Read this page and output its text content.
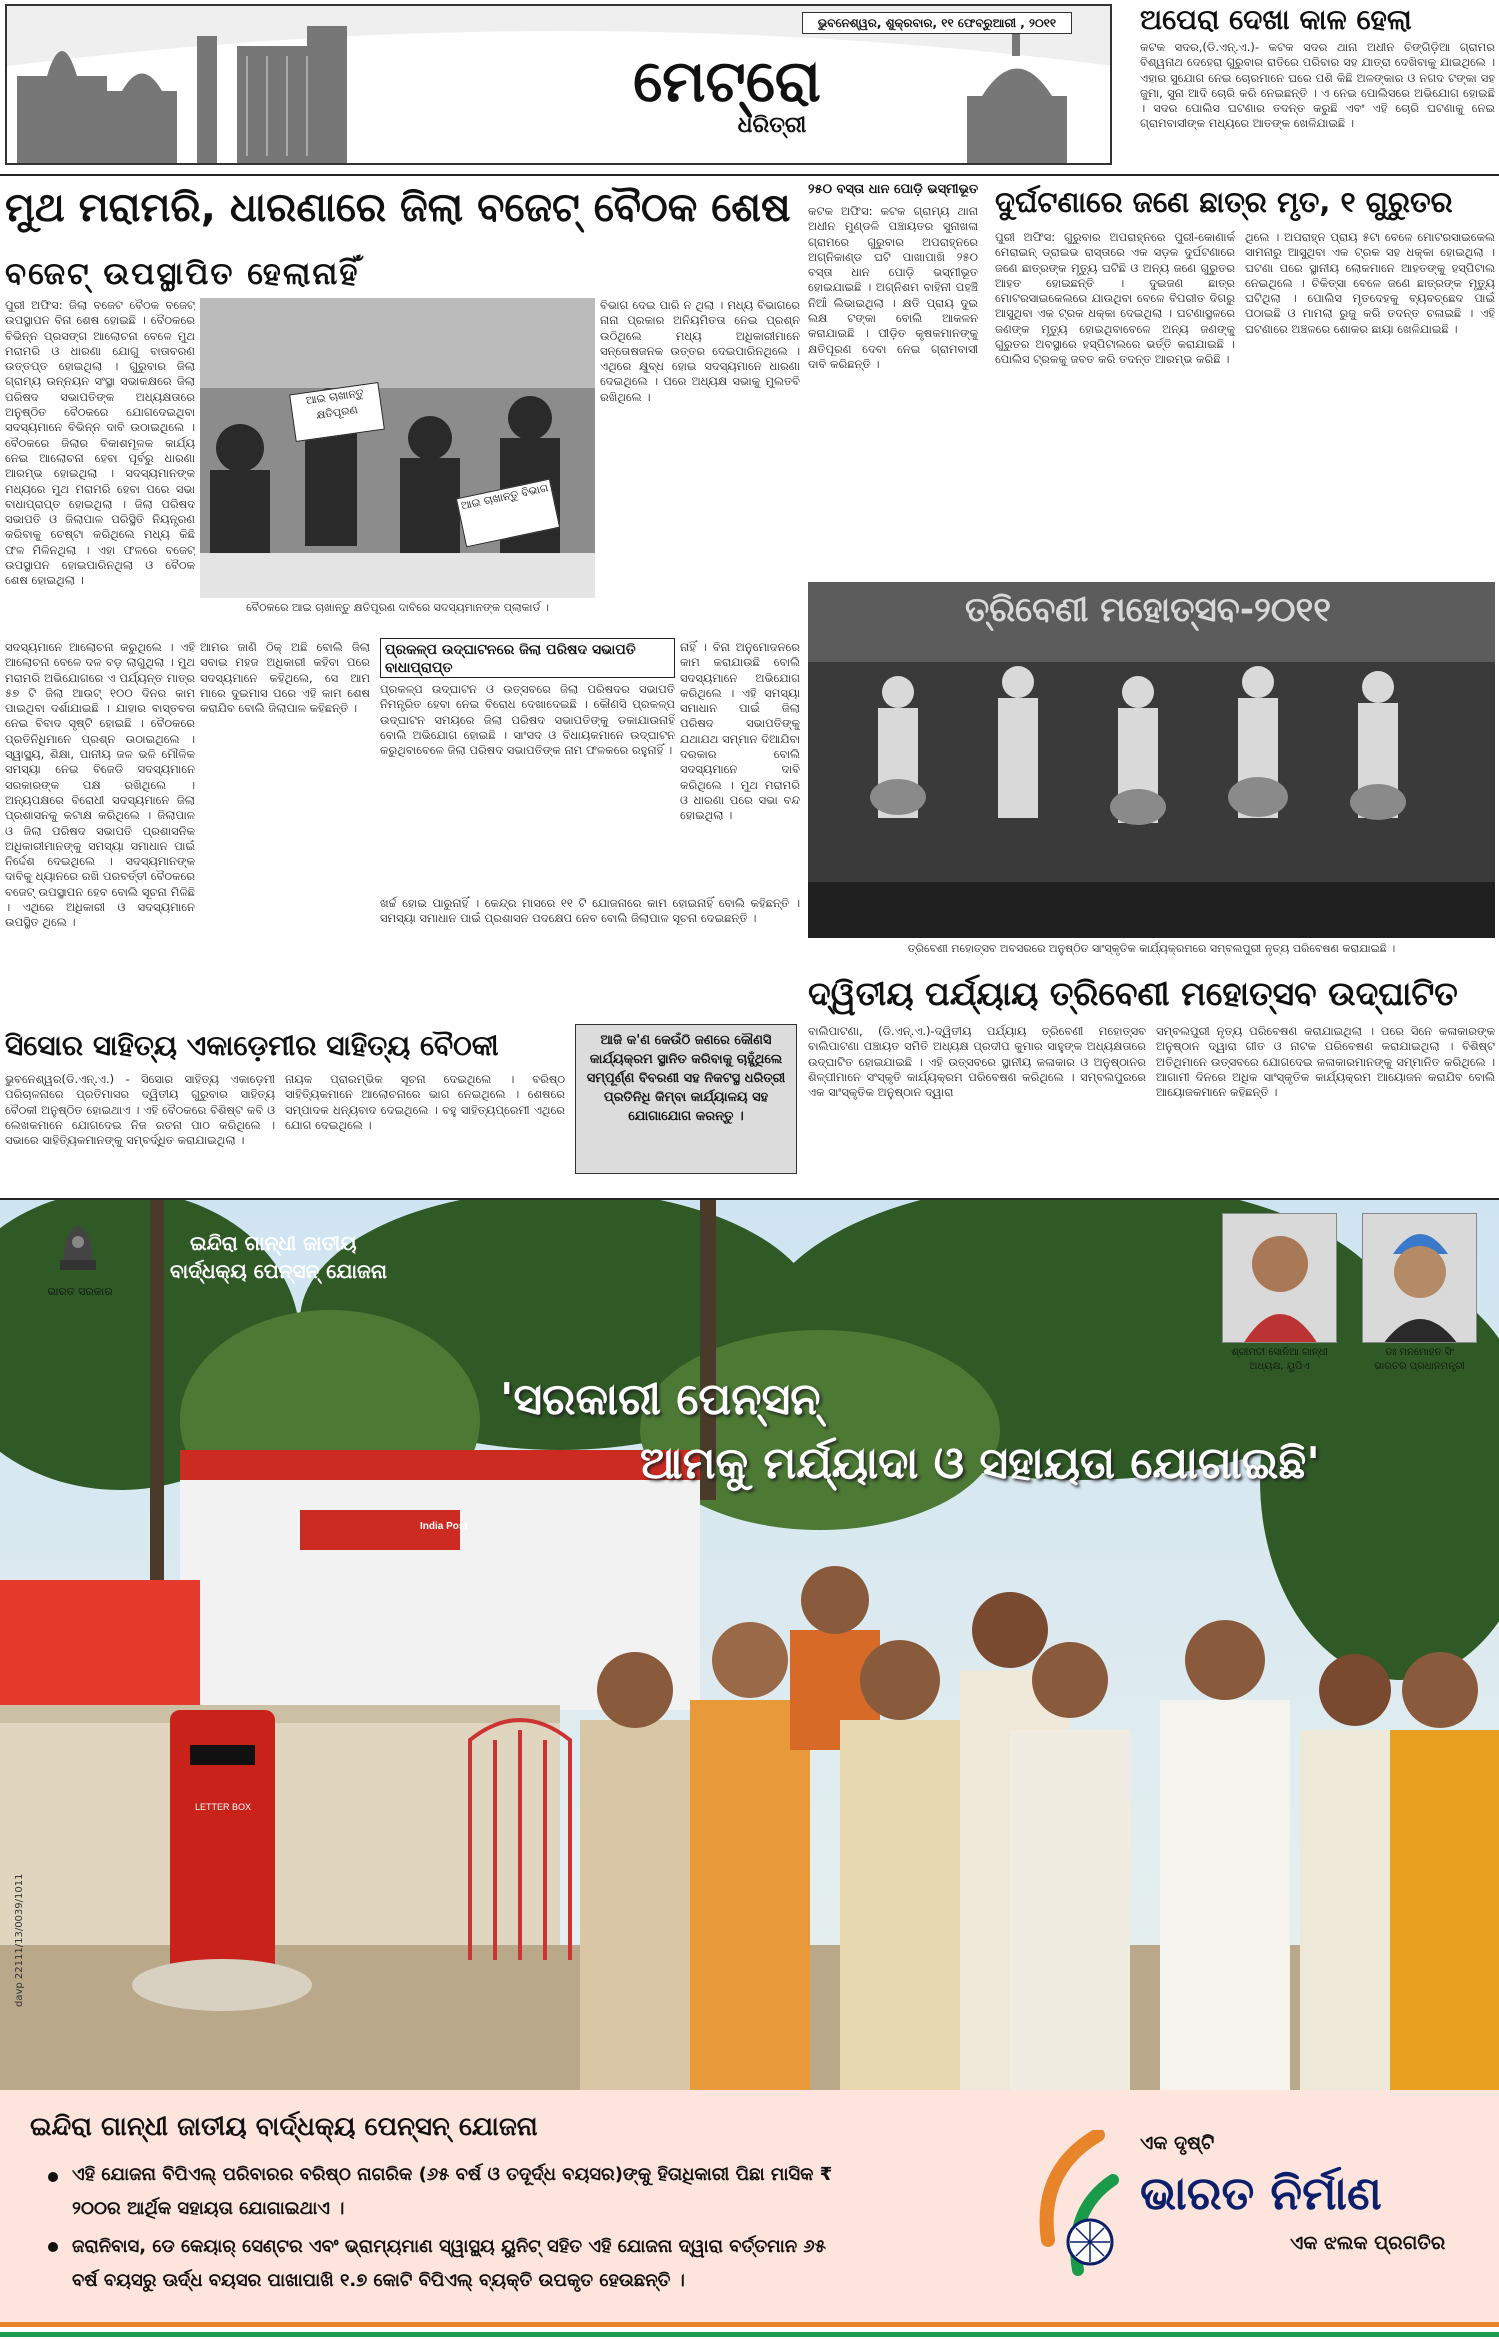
ଭୁବନେଶ୍ୱର, ଶୁକ୍ରବାର, ୧୧ ଫେବ୍ରୁଆରୀ , ୨୦୧୧
ମେଟ୍ରୋ
ଧରିତ୍ରୀ
ଅପେରା ଦେଖା କାଳ ହେଲା
କଟକ ସଦର,(ଡି.ଏନ୍.ଏ.)- କଟକ ସଦର ଥାନା ଅଧୀନ ଚିଙ୍ଗିଡ଼ିଆ ଗ୍ରାମର ବିଶ୍ୱନାଥ ଦେହେରା ଗୁରୁବାର ରାତିରେ ପରିବାର ସହ ଯାତ୍ରା ଦେଖିବାକୁ ଯାଇଥିଲେ । ଏହାର ସୁଯୋଗ ନେଇ ଚୋରମାନେ ଘରେ ପଶି କିଛି ଅଳଙ୍କାର ଓ ନଗଦ ଟଙ୍କା ସହ ଜୁମା, ସୁନା ଆଦି ଚୋରି କରି ନେଇଛନ୍ତି । ଏ ନେଇ ପୋଲିସରେ ଅଭିଯୋଗ ହୋଇଛି । ସଦର ପୋଲିସ ଘଟଣାର ତଦନ୍ତ କରୁଛି ଏବଂ ଏହି ଚୋରି ଘଟଣାକୁ ନେଇ ଗ୍ରାମବାସୀଙ୍କ ମଧ୍ୟରେ ଆତଙ୍କ ଖେଳିଯାଇଛି ।
ମୁଥ ମରାମରି, ଧାରଣାରେ ଜିଲା ବଜେଟ୍ ବୈଠକ ଶେଷ
ବଜେଟ୍ ଉପସ୍ଥାପିତ ହେଲାନାହିଁ
ପୁରୀ ଅଫିସ: ଜିଲା ବଜେଟ ବୈଠକ ବଜେଟ୍ ଉପସ୍ଥାପନ ବିନା ଶେଷ ହୋଇଛି । ବୈଠକରେ ବିଭିନ୍ନ ପ୍ରସଙ୍ଗ ଆଲୋଚନା ବେଳେ ମୁଥ ମରାମରି ଓ ଧାରଣା ଯୋଗୁ ବାତାବରଣ ଉତ୍ତପ୍ତ ହୋଇଥିଲା । ଗୁରୁବାର ଜିଲା ଗ୍ରାମ୍ୟ ଉନ୍ନୟନ ସଂସ୍ଥା ସଭାକକ୍ଷରେ ଜିଲା ପରିଷଦ ସଭାପତିଙ୍କ ଅଧ୍ୟକ୍ଷତାରେ ଅନୁଷ୍ଠିତ ବୈଠକରେ ଯୋଗଦେଇଥିବା ସଦସ୍ୟମାନେ ବିଭିନ୍ନ ଦାବି ଉଠାଇଥିଲେ । ବୈଠକରେ ଜିଲାର ବିକାଶମୂଳକ କାର୍ଯ୍ୟ ନେଇ ଆଲୋଚନା ହେବା ପୂର୍ବରୁ ଧାରଣା ଆରମ୍ଭ ହୋଇଥିଲା । ସଦସ୍ୟମାନଙ୍କ ମଧ୍ୟରେ ମୁଥ ମରାମରି ହେବା ପରେ ସଭା ବାଧାପ୍ରାପ୍ତ ହୋଇଥିଲା । ଜିଲା ପରିଷଦ ସଭାପତି ଓ ଜିଲାପାଳ ପରିସ୍ଥିତି ନିୟନ୍ତ୍ରଣ କରିବାକୁ ଚେଷ୍ଟା କରିଥିଲେ ମଧ୍ୟ କିଛି ଫଳ ମିଳିନଥିଲା । ଏହା ଫଳରେ ବଜେଟ୍ ଉପସ୍ଥାପନ ହୋଇପାରିନଥିଲା ଓ ବୈଠକ ଶେଷ ହୋଇଥିଲା ।
ଆଇ ଚାଖାନ୍ତୁ କ୍ଷତିପୂରଣ
ଆଇ ଚାଖାନ୍ତୁ ବିଭାଗ
ବୈଠକରେ ଆଇ ଚାଖାନ୍ତୁ କ୍ଷତିପୂରଣ ଦାବିରେ ସଦସ୍ୟମାନଙ୍କ ପ୍ଲାକାର୍ଡ ।
ବିଭାଗ ଦେଇ ପାରି ନ ଥିଲା । ମଧ୍ୟ ବିଭାଗରେ ନାନା ପ୍ରକାର ଅନିୟମିତତା ନେଇ ପ୍ରଶ୍ନ ଉଠିଥିଲେ ମଧ୍ୟ ଅଧିକାରୀମାନେ ସନ୍ତୋଷଜନକ ଉତ୍ତର ଦେଇପାରିନଥିଲେ । ଏଥିରେ କ୍ଷୁବ୍ଧ ହୋଇ ସଦସ୍ୟମାନେ ଧାରଣା ଦେଇଥିଲେ । ପରେ ଅଧ୍ୟକ୍ଷ ସଭାକୁ ମୁଲତବି ରଖିଥିଲେ ।
ସଦସ୍ୟମାନେ ଆଲୋଚନା କରୁଥିଲେ । ଏହି ଆଲୋଚନା ବେଳେ ଦଳ ବଡ଼ ଲାଗୁଥିଲା । ମୁଥ ମରାମରି ଅଭିଯୋଗରେ ଏ ପର୍ଯ୍ୟନ୍ତ ମାତ୍ର ୫୭ ଟି ଜିଲା ଆଉଟ୍ ୧୦୦ ଦିନର କାମ ପାଇଥିବା ଦର୍ଶାଯାଇଛି । ଯାହାର ବାସ୍ତବତା ନେଇ ବିବାଦ ସୃଷ୍ଟି ହୋଇଛି । ବୈଠକରେ ପ୍ରତିନିଧିମାନେ ପ୍ରଶ୍ନ ଉଠାଇଥିଲେ । ସ୍ୱାସ୍ଥ୍ୟ, ଶିକ୍ଷା, ପାନୀୟ ଜଳ ଭଳି ମୌଳିକ ସମସ୍ୟା ନେଇ ବିଜେଡି ସଦସ୍ୟମାନେ ସରକାରଙ୍କ ପକ୍ଷ ରଖିଥିଲେ । ଅନ୍ୟପକ୍ଷରେ ବିରୋଧୀ ସଦସ୍ୟମାନେ ଜିଲା ପ୍ରଶାସନକୁ କଟାକ୍ଷ କରିଥିଲେ । ଜିଲାପାଳ ଓ ଜିଲା ପରିଷଦ ସଭାପତି ପ୍ରଶାସନିକ ଅଧିକାରୀମାନଙ୍କୁ ସମସ୍ୟା ସମାଧାନ ପାଇଁ ନିର୍ଦ୍ଦେଶ ଦେଇଥିଲେ । ସଦସ୍ୟମାନଙ୍କ ଦାବିକୁ ଧ୍ୟାନରେ ରଖି ପରବର୍ତ୍ତୀ ବୈଠକରେ ବଜେଟ୍ ଉପସ୍ଥାପନ ହେବ ବୋଲି ସୂଚନା ମିଳିଛି । ଏଥିରେ ଅଧିକାରୀ ଓ ସଦସ୍ୟମାନେ ଉପସ୍ଥିତ ଥିଲେ ।
ଆମର ଜାଣି ଠିକ୍ ଅଛି ବୋଲି ଜିଲା ସବାଇ ମହଜ ଅଧିକାରୀ କହିବା ପରେ ସଦସ୍ୟମାନେ କହିଥିଲେ, ସେ ଆମ ମାରେ ଦୁଇମାସ ପରେ ଏହି କାମ ଶେଷ କରାଯିବ ବୋଲି ଜିଲାପାଳ କହିଛନ୍ତି ।
ପ୍ରକଳ୍ପ ଉଦ୍‌ଘାଟନରେ ଜିଲା ପରିଷଦ ସଭାପତି ବାଧାପ୍ରାପ୍ତ
ପ୍ରକଳ୍ପ ଉଦ୍‌ଘାଟନ ଓ ଉତ୍ସବରେ ଜିଲା ପରିଷଦର ସଭାପତି ନିମନ୍ତ୍ରିତ ହେବା ନେଇ ବିରୋଧ ଦେଖାଦେଇଛି । କୌଣସି ପ୍ରକଳ୍ପ ଉଦ୍‌ଘାଟନ ସମୟରେ ଜିଲା ପରିଷଦ ସଭାପତିଙ୍କୁ ଡକାଯାଉନାହିଁ ବୋଲି ଅଭିଯୋଗ ହୋଇଛି । ସାଂସଦ ଓ ବିଧାୟକମାନେ ଉଦ୍‌ଘାଟନ କରୁଥିବାବେଳେ ଜିଲା ପରିଷଦ ସଭାପତିଙ୍କ ନାମ ଫଳକରେ ରହୁନାହିଁ ।
ନାହିଁ । ବିନା ଅନୁମୋଦନରେ କାମ କରାଯାଉଛି ବୋଲି ସଦସ୍ୟମାନେ ଅଭିଯୋଗ କରିଥିଲେ । ଏହି ସମସ୍ୟା ସମାଧାନ ପାଇଁ ଜିଲା ପରିଷଦ ସଭାପତିଙ୍କୁ ଯଥାଯଥ ସମ୍ମାନ ଦିଆଯିବା ଦରକାର ବୋଲି ସଦସ୍ୟମାନେ ଦାବି କରିଥିଲେ । ମୁଥ ମରାମରି ଓ ଧାରଣା ପରେ ସଭା ବନ୍ଦ ହୋଇଥିଲା ।
ଖର୍ଚ୍ଚ ହୋଇ ପାରୁନାହିଁ । କେନ୍ଦ୍ର ମାସରେ ୧୧ ଟି ଯୋଜନାରେ କାମ ହୋଇନାହିଁ ବୋଲି କହିଛନ୍ତି । ସମସ୍ୟା ସମାଧାନ ପାଇଁ ପ୍ରଶାସନ ପଦକ୍ଷେପ ନେବ ବୋଲି ଜିଲାପାଳ ସୂଚନା ଦେଇଛନ୍ତି ।
୨୫୦ ବସ୍ତା ଧାନ ପୋଡ଼ି ଭସ୍ମୀଭୂତ
କଟକ ଅଫିସ: କଟକ ଗ୍ରାମ୍ୟ ଥାନା ଅଧୀନ ମୁଣ୍ଡଳି ପଞ୍ଚାୟତର ସୁନାଖଳା ଗ୍ରାମରେ ଗୁରୁବାର ଅପରାହ୍ନରେ ଅଗ୍ନିକାଣ୍ଡ ଘଟି ପାଖାପାଖି ୨୫୦ ବସ୍ତା ଧାନ ପୋଡ଼ି ଭସ୍ମୀଭୂତ ହୋଇଯାଇଛି । ଅଗ୍ନିଶମ ବାହିନୀ ପହଞ୍ଚି ନିଆଁ ଲିଭାଇଥିଲା । କ୍ଷତି ପ୍ରାୟ ଦୁଇ ଲକ୍ଷ ଟଙ୍କା ବୋଲି ଆକଳନ କରାଯାଇଛି । ପୀଡ଼ିତ କୃଷକମାନଙ୍କୁ କ୍ଷତିପୂରଣ ଦେବା ନେଇ ଗ୍ରାମବାସୀ ଦାବି କରିଛନ୍ତି ।
ଦୁର୍ଘଟଣାରେ ଜଣେ ଛାତ୍ର ମୃତ, ୧ ଗୁରୁତର
ପୁରୀ ଅଫିସ: ଗୁରୁବାର ଅପରାହ୍ନରେ ପୁରୀ-କୋଣାର୍କ ମେରାଇନ୍ ଡ୍ରାଇଭ ରାସ୍ତାରେ ଏକ ସଡ଼କ ଦୁର୍ଘଟଣାରେ ଜଣେ ଛାତ୍ରଙ୍କ ମୃତ୍ୟୁ ଘଟିଛି ଓ ଅନ୍ୟ ଜଣେ ଗୁରୁତର ଆହତ ହୋଇଛନ୍ତି । ଦୁଇଜଣ ଛାତ୍ର ମୋଟରସାଇକେଲରେ ଯାଉଥିବା ବେଳେ ବିପରୀତ ଦିଗରୁ ଆସୁଥିବା ଏକ ଟ୍ରକ ଧକ୍କା ଦେଇଥିଲା । ଘଟଣାସ୍ଥଳରେ ଜଣଙ୍କ ମୃତ୍ୟୁ ହୋଇଥିବାବେଳେ ଅନ୍ୟ ଜଣଙ୍କୁ ଗୁରୁତର ଅବସ୍ଥାରେ ହସ୍ପିଟାଲରେ ଭର୍ତ୍ତି କରାଯାଇଛି । ପୋଲିସ ଟ୍ରକକୁ ଜବତ କରି ତଦନ୍ତ ଆରମ୍ଭ କରିଛି ।
ଥିଲେ । ଅପରାହ୍ନ ପ୍ରାୟ ୫ଟା ବେଳେ ମୋଟରସାଇକେଲ ସାମନାରୁ ଆସୁଥିବା ଏକ ଟ୍ରକ ସହ ଧକ୍କା ହୋଇଥିଲା । ଘଟଣା ପରେ ସ୍ଥାନୀୟ ଲୋକମାନେ ଆହତଙ୍କୁ ହସ୍ପିଟାଲ ନେଇଥିଲେ । ଚିକିତ୍ସା ବେଳେ ଜଣେ ଛାତ୍ରଙ୍କ ମୃତ୍ୟୁ ଘଟିଥିଲା । ପୋଲିସ ମୃତଦେହକୁ ବ୍ୟବଚ୍ଛେଦ ପାଇଁ ପଠାଇଛି ଓ ମାମଲା ରୁଜୁ କରି ତଦନ୍ତ ଚଳାଇଛି । ଏହି ଘଟଣାରେ ଅଞ୍ଚଳରେ ଶୋକର ଛାୟା ଖେଳିଯାଇଛି ।
ତ୍ରିବେଣୀ ମହୋତ୍ସବ-୨୦୧୧
ତ୍ରିବେଣୀ ମହୋତ୍ସବ ଅବସରରେ ଅନୁଷ୍ଠିତ ସାଂସ୍କୃତିକ କାର୍ଯ୍ୟକ୍ରମରେ ସମ୍ବଲପୁରୀ ନୃତ୍ୟ ପରିବେଷଣ କରାଯାଇଛି ।
ଦ୍ୱିତୀୟ ପର୍ଯ୍ୟାୟ ତ୍ରିବେଣୀ ମହୋତ୍ସବ ଉଦ୍‌ଘାଟିତ
ବାଲିପାଟଣା, (ଡି.ଏନ୍.ଏ.)-ଦ୍ୱିତୀୟ ପର୍ଯ୍ୟାୟ ତ୍ରିବେଣୀ ମହୋତ୍ସବ ବାଲିପାଟଣା ପଞ୍ଚାୟତ ସମିତି ଅଧ୍ୟକ୍ଷ ପ୍ରଦୀପ କୁମାର ସାହୁଙ୍କ ଅଧ୍ୟକ୍ଷତାରେ ଉଦ୍‌ଘାଟିତ ହୋଇଯାଇଛି । ଏହି ଉତ୍ସବରେ ସ୍ଥାନୀୟ କଳାକାର ଓ ଅନୁଷ୍ଠାନର ଶିଳ୍ପୀମାନେ ସଂସ୍କୃତି କାର୍ଯ୍ୟକ୍ରମ ପରିବେଷଣ କରିଥିଲେ । ସମ୍ବଲପୁରରେ ଏକ ସାଂସ୍କୃତିକ ଅନୁଷ୍ଠାନ ଦ୍ୱାରା
ସମ୍ବଲପୁରୀ ନୃତ୍ୟ ପରିବେଷଣ କରାଯାଇଥିଲା । ପରେ ସିନେ କଳାକାରଙ୍କ ଅନୁଷ୍ଠାନ ଦ୍ୱାରା ଗୀତ ଓ ନାଟକ ପରିବେଷଣ କରାଯାଇଥିଲା । ବିଶିଷ୍ଟ ଅତିଥିମାନେ ଉତ୍ସବରେ ଯୋଗଦେଇ କଳାକାରମାନଙ୍କୁ ସମ୍ମାନିତ କରିଥିଲେ । ଆଗାମୀ ଦିନରେ ଅଧିକ ସାଂସ୍କୃତିକ କାର୍ଯ୍ୟକ୍ରମ ଆୟୋଜନ କରାଯିବ ବୋଲି ଆୟୋଜକମାନେ କହିଛନ୍ତି ।
ସିସୋର ସାହିତ୍ୟ ଏକାଡ଼େମୀର ସାହିତ୍ୟ ବୈଠକୀ
ଭୁବନେଶ୍ୱର(ଡି.ଏନ୍.ଏ.) - ସିସୋର ସାହିତ୍ୟ ଏକାଡ଼େମୀ ପରିଚାଳନାରେ ପ୍ରତିମାସର ଦ୍ୱିତୀୟ ଗୁରୁବାର ସାହିତ୍ୟ ବୈଠକୀ ଅନୁଷ୍ଠିତ ହୋଇଥାଏ । ଏହି ବୈଠକରେ ବିଶିଷ୍ଟ କବି ଓ ଲେଖକମାନେ ଯୋଗଦେଇ ନିଜ ରଚନା ପାଠ କରିଥିଲେ । ସଭାରେ ସାହିତ୍ୟିକମାନଙ୍କୁ ସମ୍ବର୍ଦ୍ଧିତ କରାଯାଇଥିଲା ।
ନାୟକ ପ୍ରାରମ୍ଭିକ ସୂଚନା ଦେଇଥିଲେ । ବରିଷ୍ଠ ସାହିତ୍ୟିକମାନେ ଆଲୋଚନାରେ ଭାଗ ନେଇଥିଲେ । ଶେଷରେ ସମ୍ପାଦକ ଧନ୍ୟବାଦ ଦେଇଥିଲେ । ବହୁ ସାହିତ୍ୟପ୍ରେମୀ ଏଥିରେ ଯୋଗ ଦେଇଥିଲେ ।
ଆଜି କ'ଣ କେଉଁଠି ଜଣରେ କୌଣସି କାର୍ଯ୍ୟକ୍ରମ ସ୍ଥାନିତ କରିବାକୁ ଚାହୁଁଥିଲେ ସମ୍ପୂର୍ଣ୍ଣ ବିବରଣୀ ସହ ନିକଟସ୍ଥ ଧରିତ୍ରୀ ପ୍ରତିନିଧି କିମ୍ବା କାର୍ଯ୍ୟାଳୟ ସହ ଯୋଗାଯୋଗ କରନ୍ତୁ ।
India Post
LETTER BOX
ଭାରତ ସରକାର
ଇନ୍ଦିରା ଗାନ୍ଧୀ ଜାତୀୟ
ବାର୍ଦ୍ଧକ୍ୟ ପେନ୍‌ସନ୍ ଯୋଜନା
'ସରକାରୀ ପେନ୍‌ସନ୍
ଆମକୁ ମର୍ଯ୍ୟାଦା ଓ ସହାୟତା ଯୋଗାଇଛି'
ଶ୍ରୀମତୀ ସୋନିଆ ଗାନ୍ଧୀ
ଅଧ୍ୟକ୍ଷ, ୟୁପିଏ
ଡଃ ମନମୋହନ ସିଂ
ଭାରତର ପ୍ରଧାନମନ୍ତ୍ରୀ
davp 22111/13/0039/1011
ଇନ୍ଦିରା ଗାନ୍ଧୀ ଜାତୀୟ ବାର୍ଦ୍ଧକ୍ୟ ପେନ୍‌ସନ୍ ଯୋଜନା
ଏହି ଯୋଜନା ବିପିଏଲ୍ ପରିବାରର ବରିଷ୍ଠ ନାଗରିକ (୬୫ ବର୍ଷ ଓ ତଦୂର୍ଦ୍ଧ ବୟସର)ଙ୍କୁ ହିତାଧିକାରୀ ପିଛା ମାସିକ ₹ ୨୦୦ର ଆର୍ଥିକ ସହାୟତା ଯୋଗାଇଥାଏ ।
ଜରାନିବାସ, ଡେ କେୟାର୍ ସେଣ୍ଟର ଏବଂ ଭ୍ରାମ୍ୟମାଣ ସ୍ୱାସ୍ଥ୍ୟ ୟୁନିଟ୍ ସହିତ ଏହି ଯୋଜନା ଦ୍ୱାରା ବର୍ତ୍ତମାନ ୬୫ ବର୍ଷ ବୟସରୁ ଊର୍ଦ୍ଧ ବୟସର ପାଖାପାଖି ୧.୭ କୋଟି ବିପିଏଲ୍ ବ୍ୟକ୍ତି ଉପକୃତ ହେଉଛନ୍ତି ।
ଏକ ଦୃଷ୍ଟି
ଭାରତ ନିର୍ମାଣ
ଏକ ଝଲକ ପ୍ରଗତିର
